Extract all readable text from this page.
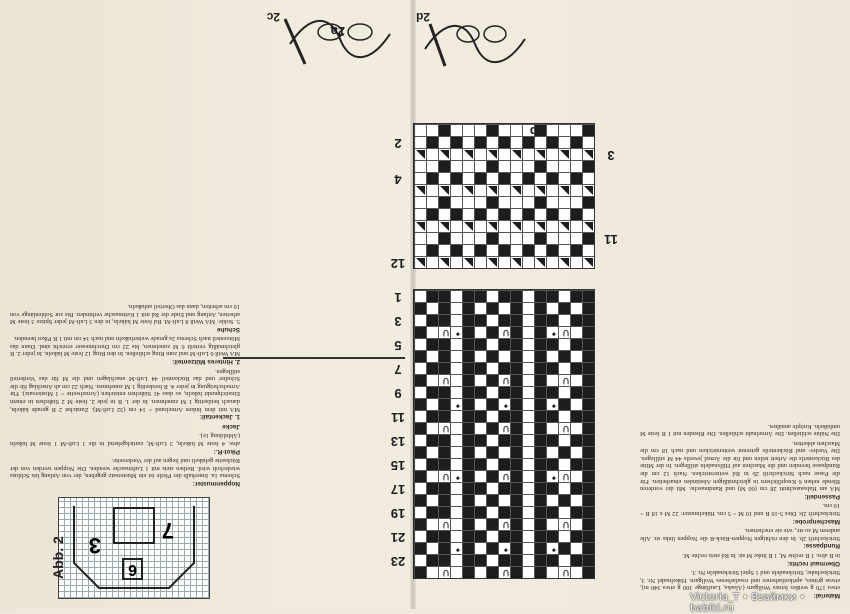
Material:

etwa 170 g weißes feines Wollgarn (Alaska, Lauflänge 100 g etwa 340 m), etwas grünes, aprikotfarbenes und rosafarbenes Wollgarn. Häkelnadel Nr. 3, Strickschuhe, Stricknadeln und 1 Spiel Stricknadeln Nr. 3.

Obermaul rechts:

in R abw. 1 R rechte M, 1 R linke M str. In Rd stets rechte M.

Rundpasse:

Strickschrift 2b. In den richtigen Noppen-Rück-R die Noppen links str. Alle anderen M so str., wie sie erscheinen.

Maschenprobe:

Strickschrift 2b: Dies 5-10 R und 10 M = 5 cm. Häkelmuster: 22 M x 18 R = 10 cm.

Passendeil:

MA am Halsausschnitt 28 cm (60 M) und Randmasche. Mit der vorderen Blende nehen 6 Knopflöchern in gleichmäßigen Abständen einarbeiten. Für die Passe nach Strickschrift 2b in Rd weiterstricken. Nach 12 cm die Rundpasse beenden und die Maschen auf Hilfsnadeln stilllegen. In der Mitte des Rückenteils die Arbeit teilen und für die Ärmel jeweils 44 M stilllegen. Die Vorder- und Rückenteile getrennt weiterstricken und nach 18 cm die Maschen abketten.

Die Nähte schließen. Die Ärmelnaht schließen. Die Blenden mit 1 R feste M umhäkeln. Knöpfe annähen.

7
3
6
Abb. 2
2a
2c	2d
Noppenmuster:

Schema 1a. Innerhalb der Pfeile ist ein Mustersatz gegeben, der von Anfang bis Schluss wiederholt wird. Reihen stets mit 1 Luftmasche wenden. Die Noppen werden von der Rückseite gehäkelt und liegen auf der Vorderseite.

Pikot-R.:

abw. 4 feste M häkeln, 3 Luft-M, zurückgehend in die 1 Luft-M 1 feste M häkeln (Abbildung 1e).

Jacke
1. Jackentail:

MA mit dem linken Armelrand = 14 cm (32 Luft-M). Zunächst 2 R gerade häkeln, danach beidseitig 1 M zunehmen. In der 1. R in jede 2. feste M 2 Stäbchen in einem Einstichpunkt häkeln, so dass 41 Stäbchen entstehen (Armelweite = 1 Mustersatz). Für Armelschrägung in jeder 4. R beidseitig 1 M zunehmen. Nach 22 cm ab Anschlag für die Schulter und das Rückenteil 44 Luft-M anschlagen und die M für das Vorderteil stilllegen.

2. Hinteres Mützenteil:

MA Weiß 6 Luft-M und zum Ring schließen. In den Ring 12 feste M häkeln. In jeder 2. R gleichmäßig verteilt 6 M zunehmen, bis 22 cm Durchmesser erreicht sind. Dann das Mützenteil nach Schema 2a gerade weiterhäkeln und nach 14 cm mit 1 R Pikot beenden.

Schuhe

5. Sohle: MA Weiß 8 Luft-M. Rd feste M häkeln, in den 3 Luft-M jeder Spitze 3 feste M arbeiten, Anfang und Ende der Rd mit 1 Kettmasche verbinden. Bis zur Sohlenlänge von 10 cm arbeiten, dann das Oberteil anhäkeln.

2
3
4
11
12
2b
∪
∪
∪
•
•
•
∪
∪
∪
∪
•
∪
•
∪
∪
∪
∪
•
•
•
∪
∪
∪
∪
•
∪
•
∪
1
3
5
7
9
11
13
15
17
19
21
23
Victoria_T • Взаймки • babiki.ru
